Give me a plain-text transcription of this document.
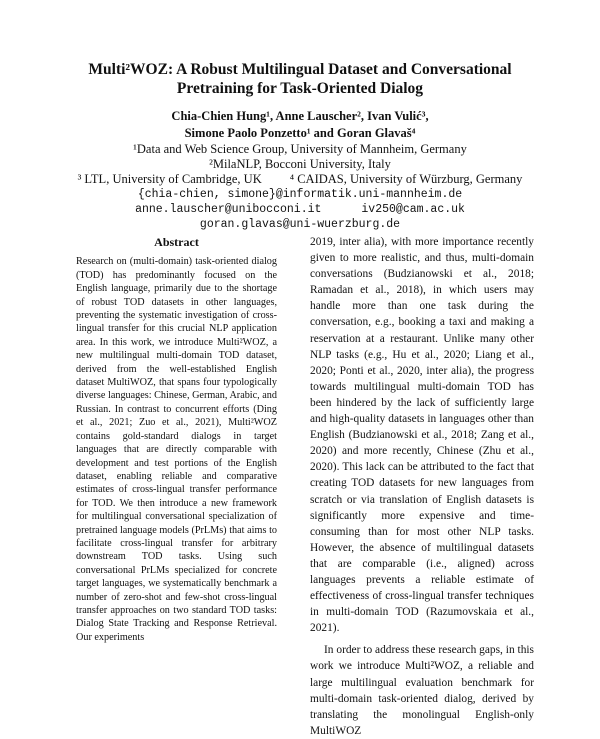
Multi²WOZ: A Robust Multilingual Dataset and Conversational
Pretraining for Task-Oriented Dialog
Chia-Chien Hung¹, Anne Lauscher², Ivan Vulić³,
Simone Paolo Ponzetto¹ and Goran Glavaš⁴
¹Data and Web Science Group, University of Mannheim, Germany
²MilaNLP, Bocconi University, Italy
³ LTL, University of Cambridge, UK ⁴ CAIDAS, University of Würzburg, Germany
{chia-chien, simone}@informatik.uni-mannheim.de
anne.lauscher@unibocconi.it	iv250@cam.ac.uk
goran.glavas@uni-wuerzburg.de
Abstract

Research on (multi-domain) task-oriented dialog (TOD) has predominantly focused on the English language, primarily due to the shortage of robust TOD datasets in other languages, preventing the systematic investigation of cross-lingual transfer for this crucial NLP application area. In this work, we introduce Multi²WOZ, a new multilingual multi-domain TOD dataset, derived from the well-established English dataset MultiWOZ, that spans four typologically diverse languages: Chinese, German, Arabic, and Russian. In contrast to concurrent efforts (Ding et al., 2021; Zuo et al., 2021), Multi²WOZ contains gold-standard dialogs in target languages that are directly comparable with development and test portions of the English dataset, enabling reliable and comparative estimates of cross-lingual transfer performance for TOD. We then introduce a new framework for multilingual conversational specialization of pretrained language models (PrLMs) that aims to facilitate cross-lingual transfer for arbitrary downstream TOD tasks. Using such conversational PrLMs specialized for concrete target languages, we systematically benchmark a number of zero-shot and few-shot cross-lingual transfer approaches on two standard TOD tasks: Dialog State Tracking and Response Retrieval. Our experiments

2019, inter alia), with more importance recently given to more realistic, and thus, multi-domain conversations (Budzianowski et al., 2018; Ramadan et al., 2018), in which users may handle more than one task during the conversation, e.g., booking a taxi and making a reservation at a restaurant. Unlike many other NLP tasks (e.g., Hu et al., 2020; Liang et al., 2020; Ponti et al., 2020, inter alia), the progress towards multilingual multi-domain TOD has been hindered by the lack of sufficiently large and high-quality datasets in languages other than English (Budzianowski et al., 2018; Zang et al., 2020) and more recently, Chinese (Zhu et al., 2020). This lack can be attributed to the fact that creating TOD datasets for new languages from scratch or via translation of English datasets is significantly more expensive and time-consuming than for most other NLP tasks. However, the absence of multilingual datasets that are comparable (i.e., aligned) across languages prevents a reliable estimate of effectiveness of cross-lingual transfer techniques in multi-domain TOD (Razumovskaia et al., 2021).

In order to address these research gaps, in this work we introduce Multi²WOZ, a reliable and large multilingual evaluation benchmark for multi-domain task-oriented dialog, derived by translating the monolingual English-only MultiWOZ
